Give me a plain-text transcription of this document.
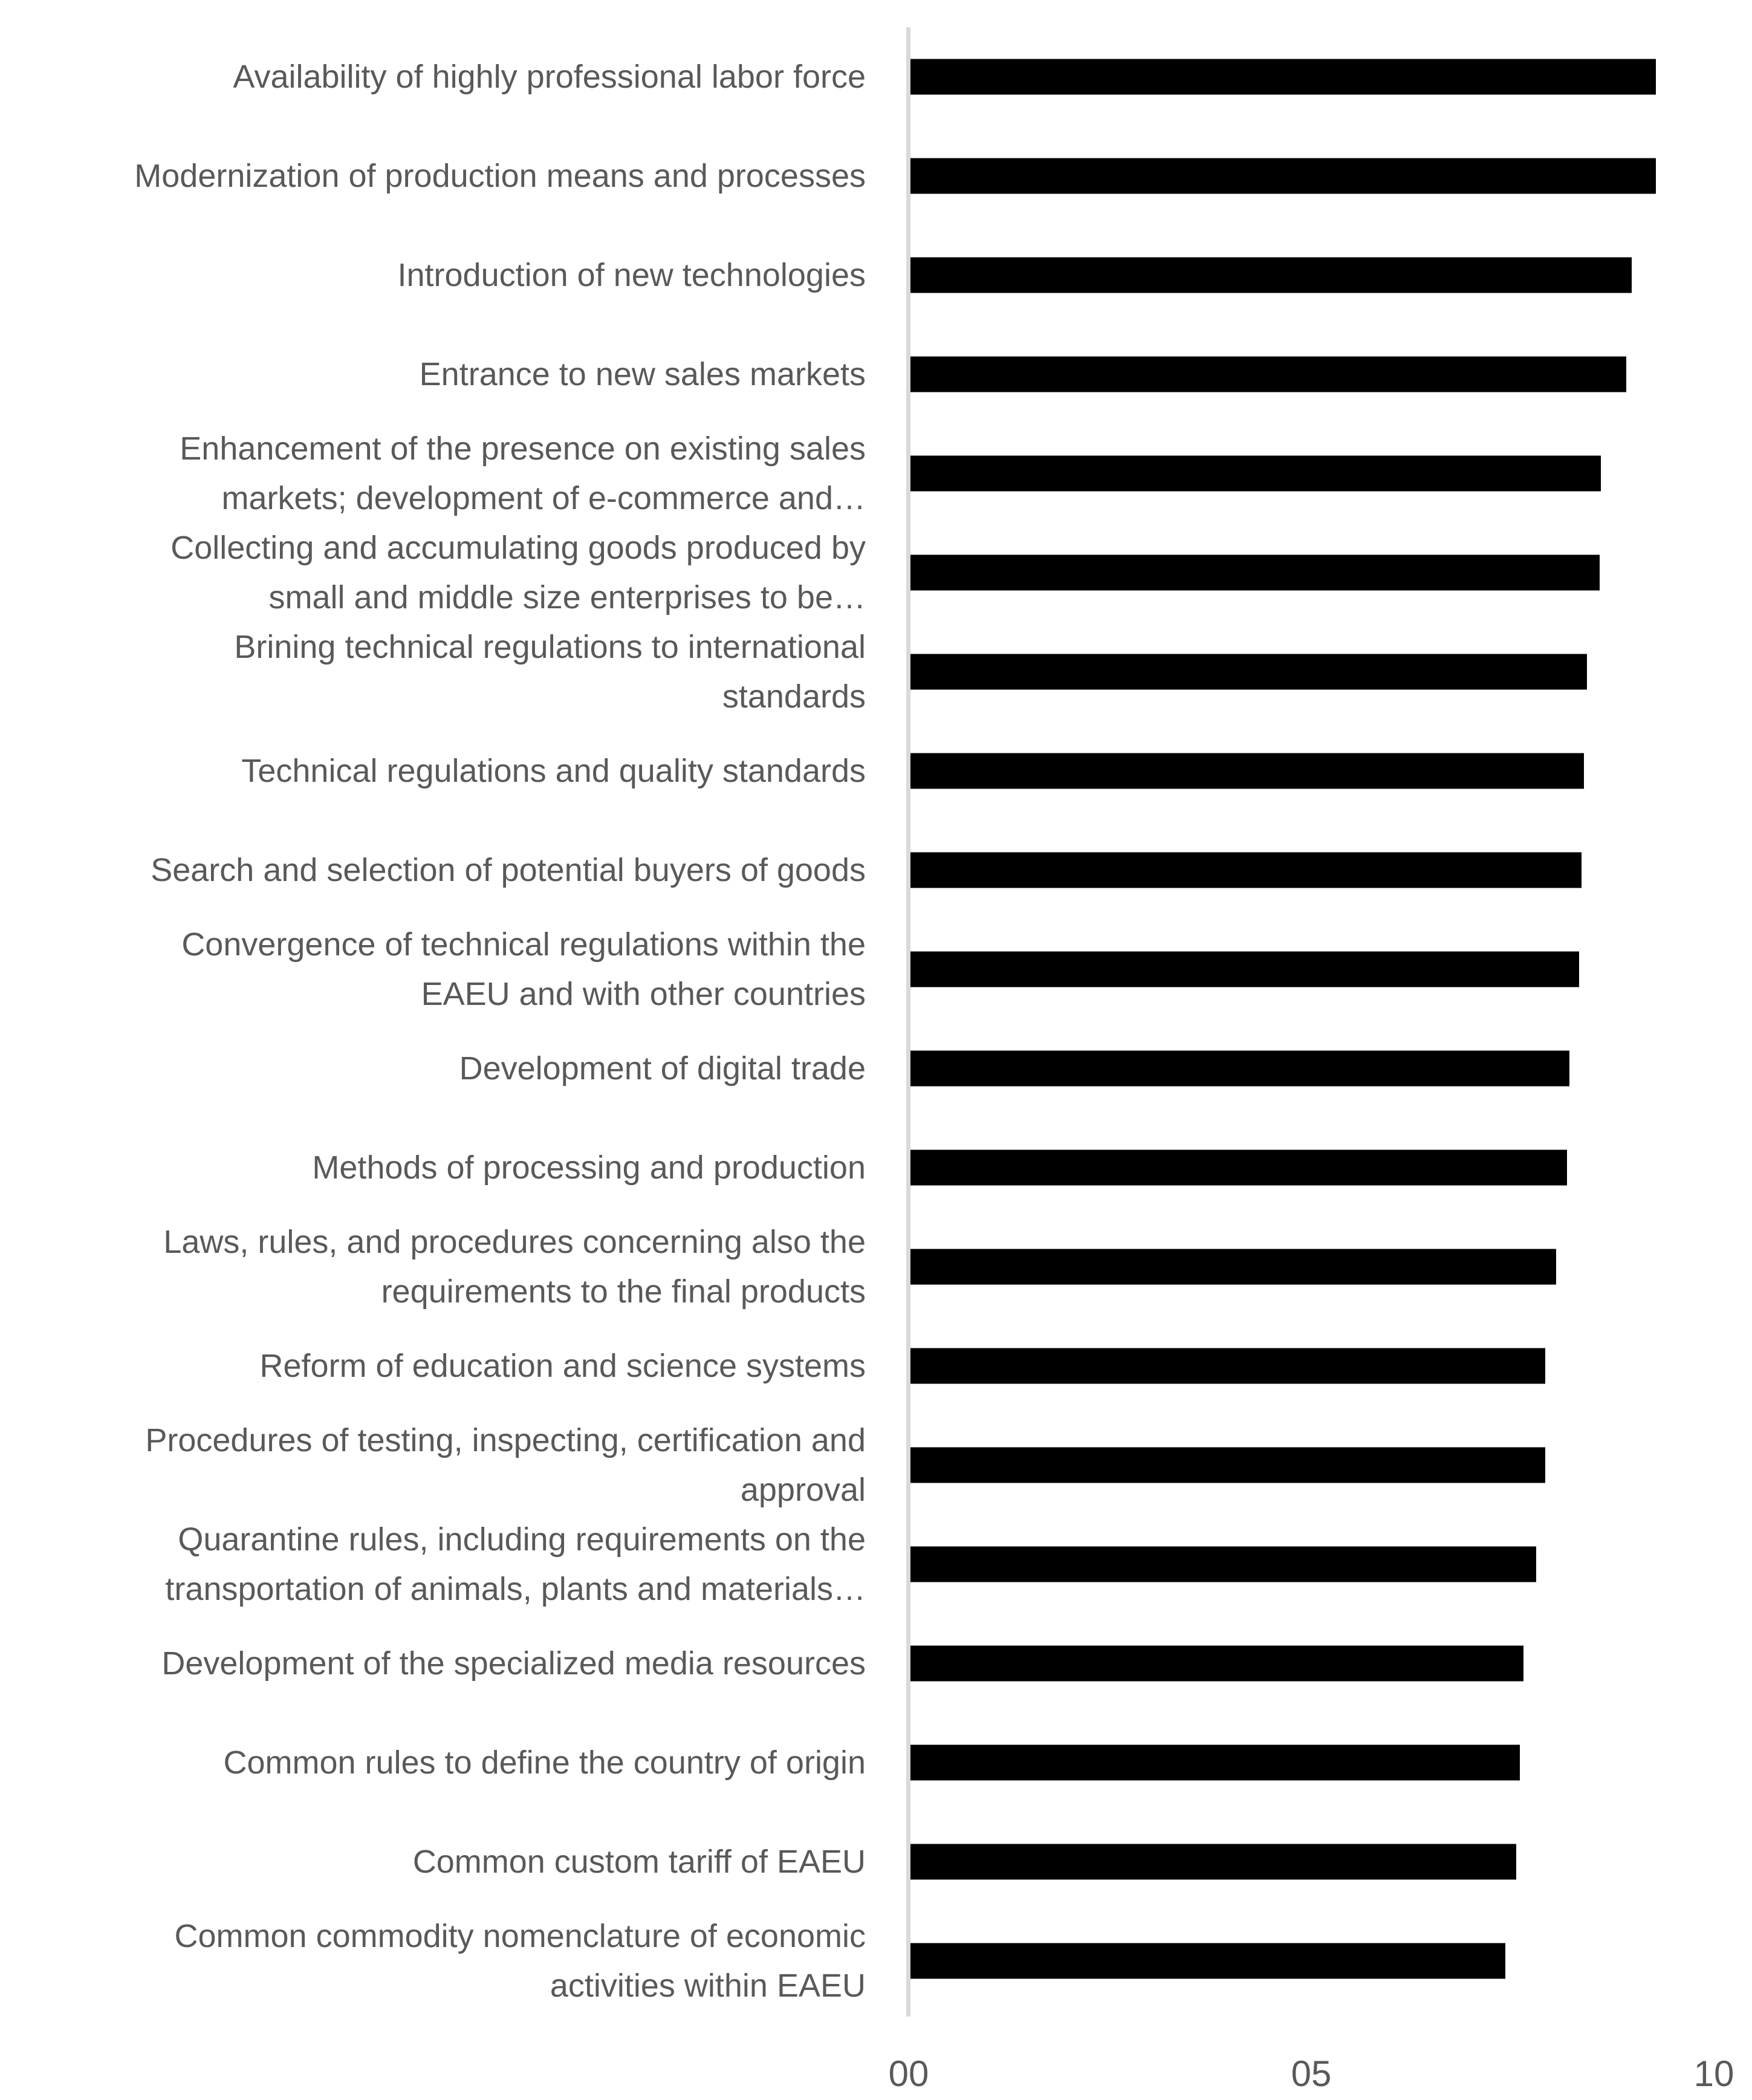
Availability of highly professional labor force
Modernization of production means and processes
Introduction of new technologies
Entrance to new sales markets
Enhancement of the presence on existing sales
markets; development of e-commerce and…
Collecting and accumulating goods produced by
small and middle size enterprises to be…
Brining technical regulations to international
standards
Technical regulations and quality standards
Search and selection of potential buyers of goods
Convergence of technical regulations within the
EAEU and with other countries
Development of digital trade
Methods of processing and production
Laws, rules, and procedures concerning also the
requirements to the final products
Reform of education and science systems
Procedures of testing, inspecting, certification and
approval
Quarantine rules, including requirements on the
transportation of animals, plants and materials…
Development of the specialized media resources
Common rules to define the country of origin
Common custom tariff of EAEU
Common commodity nomenclature of economic
activities within EAEU
00	05	10
